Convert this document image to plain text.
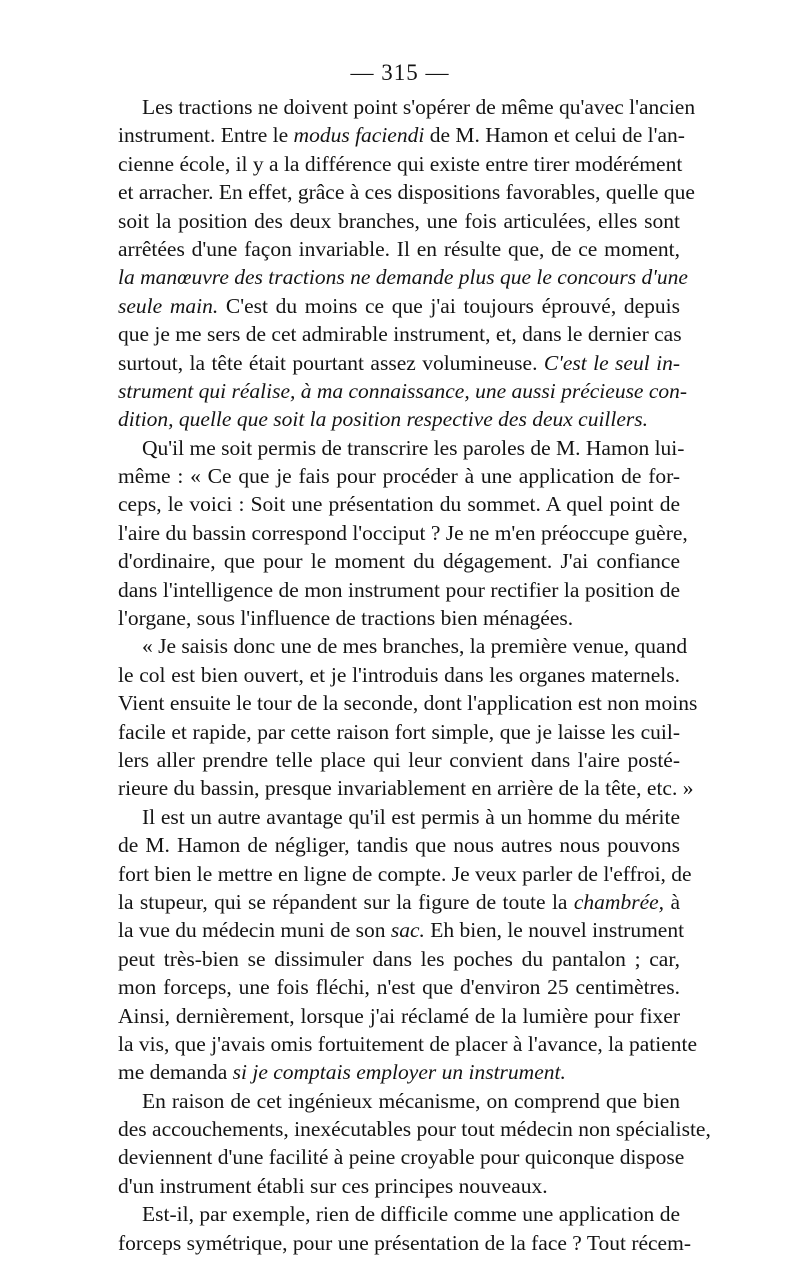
— 315 —
Les tractions ne doivent point s'opérer de même qu'avec l'ancien
instrument. Entre le modus faciendi de M. Hamon et celui de l'an-
cienne école, il y a la différence qui existe entre tirer modérément
et arracher. En effet, grâce à ces dispositions favorables, quelle que
soit la position des deux branches, une fois articulées, elles sont
arrêtées d'une façon invariable. Il en résulte que, de ce moment,
la manœuvre des tractions ne demande plus que le concours d'une
seule main. C'est du moins ce que j'ai toujours éprouvé, depuis
que je me sers de cet admirable instrument, et, dans le dernier cas
surtout, la tête était pourtant assez volumineuse. C'est le seul in-
strument qui réalise, à ma connaissance, une aussi précieuse con-
dition, quelle que soit la position respective des deux cuillers.
Qu'il me soit permis de transcrire les paroles de M. Hamon lui-
même : « Ce que je fais pour procéder à une application de for-
ceps, le voici : Soit une présentation du sommet. A quel point de
l'aire du bassin correspond l'occiput ? Je ne m'en préoccupe guère,
d'ordinaire, que pour le moment du dégagement. J'ai confiance
dans l'intelligence de mon instrument pour rectifier la position de
l'organe, sous l'influence de tractions bien ménagées.
« Je saisis donc une de mes branches, la première venue, quand
le col est bien ouvert, et je l'introduis dans les organes maternels.
Vient ensuite le tour de la seconde, dont l'application est non moins
facile et rapide, par cette raison fort simple, que je laisse les cuil-
lers aller prendre telle place qui leur convient dans l'aire posté-
rieure du bassin, presque invariablement en arrière de la tête, etc. »
Il est un autre avantage qu'il est permis à un homme du mérite
de M. Hamon de négliger, tandis que nous autres nous pouvons
fort bien le mettre en ligne de compte. Je veux parler de l'effroi, de
la stupeur, qui se répandent sur la figure de toute la chambrée, à
la vue du médecin muni de son sac. Eh bien, le nouvel instrument
peut très-bien se dissimuler dans les poches du pantalon ; car,
mon forceps, une fois fléchi, n'est que d'environ 25 centimètres.
Ainsi, dernièrement, lorsque j'ai réclamé de la lumière pour fixer
la vis, que j'avais omis fortuitement de placer à l'avance, la patiente
me demanda si je comptais employer un instrument.
En raison de cet ingénieux mécanisme, on comprend que bien
des accouchements, inexécutables pour tout médecin non spécialiste,
deviennent d'une facilité à peine croyable pour quiconque dispose
d'un instrument établi sur ces principes nouveaux.
Est-il, par exemple, rien de difficile comme une application de
forceps symétrique, pour une présentation de la face ? Tout récem-
